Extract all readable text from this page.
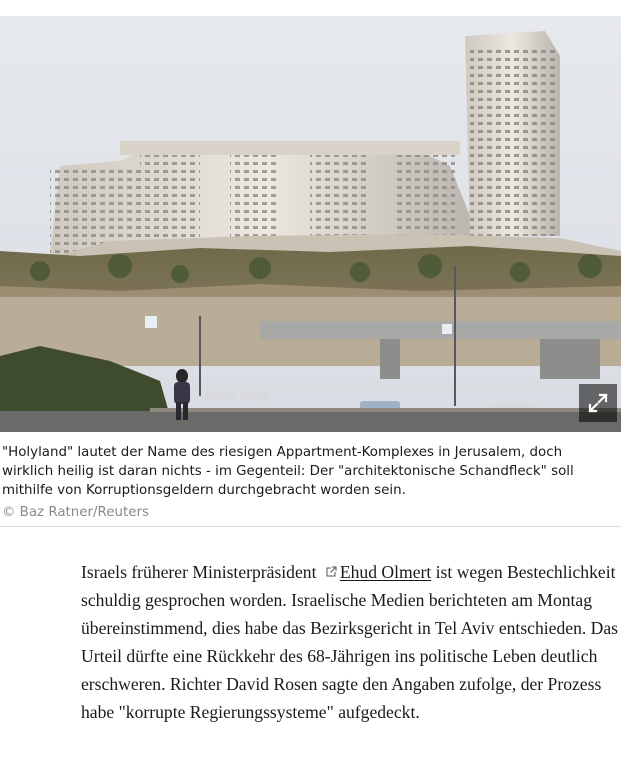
"Holyland" lautet der Name des riesigen Appartment-Komplexes in Jerusalem, doch wirklich heilig ist daran nichts - im Gegenteil: Der "architektonische Schandfleck" soll mithilfe von Korruptionsgeldern durchgebracht worden sein.
© Baz Ratner/Reuters
Israels früherer Ministerpräsident Ehud Olmert ist wegen Bestechlichkeit schuldig gesprochen worden. Israelische Medien berichteten am Montag übereinstimmend, dies habe das Bezirksgericht in Tel Aviv entschieden. Das Urteil dürfte eine Rückkehr des 68-Jährigen ins politische Leben deutlich erschweren. Richter David Rosen sagte den Angaben zufolge, der Prozess habe "korrupte Regierungssysteme" aufgedeckt.
